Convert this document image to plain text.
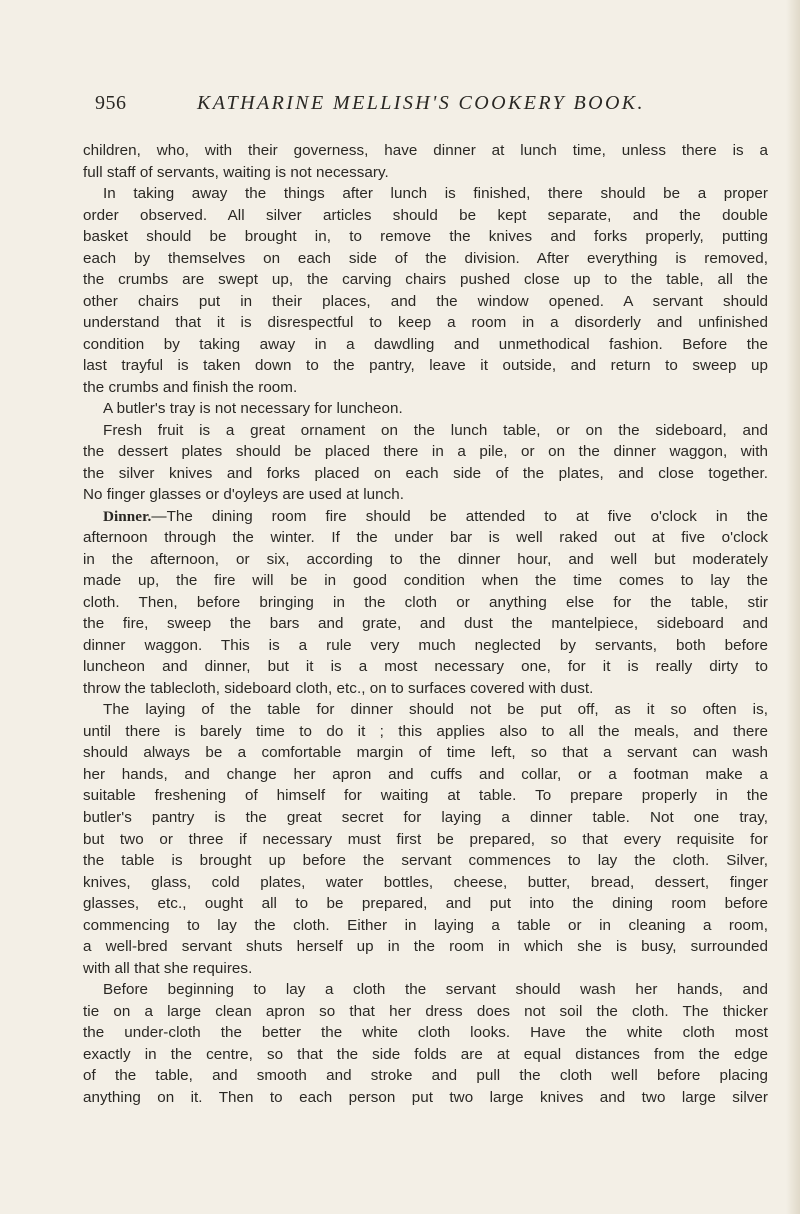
956	KATHARINE MELLISH'S COOKERY BOOK.
children, who, with their governess, have dinner at lunch time, unless there is a
full staff of servants, waiting is not necessary.
In taking away the things after lunch is finished, there should be a proper
order observed. All silver articles should be kept separate, and the double
basket should be brought in, to remove the knives and forks properly, putting
each by themselves on each side of the division. After everything is removed,
the crumbs are swept up, the carving chairs pushed close up to the table, all the
other chairs put in their places, and the window opened. A servant should
understand that it is disrespectful to keep a room in a disorderly and unfinished
condition by taking away in a dawdling and unmethodical fashion. Before the
last trayful is taken down to the pantry, leave it outside, and return to sweep up
the crumbs and finish the room.
A butler's tray is not necessary for luncheon.
Fresh fruit is a great ornament on the lunch table, or on the sideboard, and
the dessert plates should be placed there in a pile, or on the dinner waggon, with
the silver knives and forks placed on each side of the plates, and close together.
No finger glasses or d'oyleys are used at lunch.
Dinner.—The dining room fire should be attended to at five o'clock in the
afternoon through the winter. If the under bar is well raked out at five o'clock
in the afternoon, or six, according to the dinner hour, and well but moderately
made up, the fire will be in good condition when the time comes to lay the
cloth. Then, before bringing in the cloth or anything else for the table, stir
the fire, sweep the bars and grate, and dust the mantelpiece, sideboard and
dinner waggon. This is a rule very much neglected by servants, both before
luncheon and dinner, but it is a most necessary one, for it is really dirty to
throw the tablecloth, sideboard cloth, etc., on to surfaces covered with dust.
The laying of the table for dinner should not be put off, as it so often is,
until there is barely time to do it ; this applies also to all the meals, and there
should always be a comfortable margin of time left, so that a servant can wash
her hands, and change her apron and cuffs and collar, or a footman make a
suitable freshening of himself for waiting at table. To prepare properly in the
butler's pantry is the great secret for laying a dinner table. Not one tray,
but two or three if necessary must first be prepared, so that every requisite for
the table is brought up before the servant commences to lay the cloth. Silver,
knives, glass, cold plates, water bottles, cheese, butter, bread, dessert, finger
glasses, etc., ought all to be prepared, and put into the dining room before
commencing to lay the cloth. Either in laying a table or in cleaning a room,
a well-bred servant shuts herself up in the room in which she is busy, surrounded
with all that she requires.
Before beginning to lay a cloth the servant should wash her hands, and
tie on a large clean apron so that her dress does not soil the cloth. The thicker
the under-cloth the better the white cloth looks. Have the white cloth most
exactly in the centre, so that the side folds are at equal distances from the edge
of the table, and smooth and stroke and pull the cloth well before placing
anything on it. Then to each person put two large knives and two large silver
